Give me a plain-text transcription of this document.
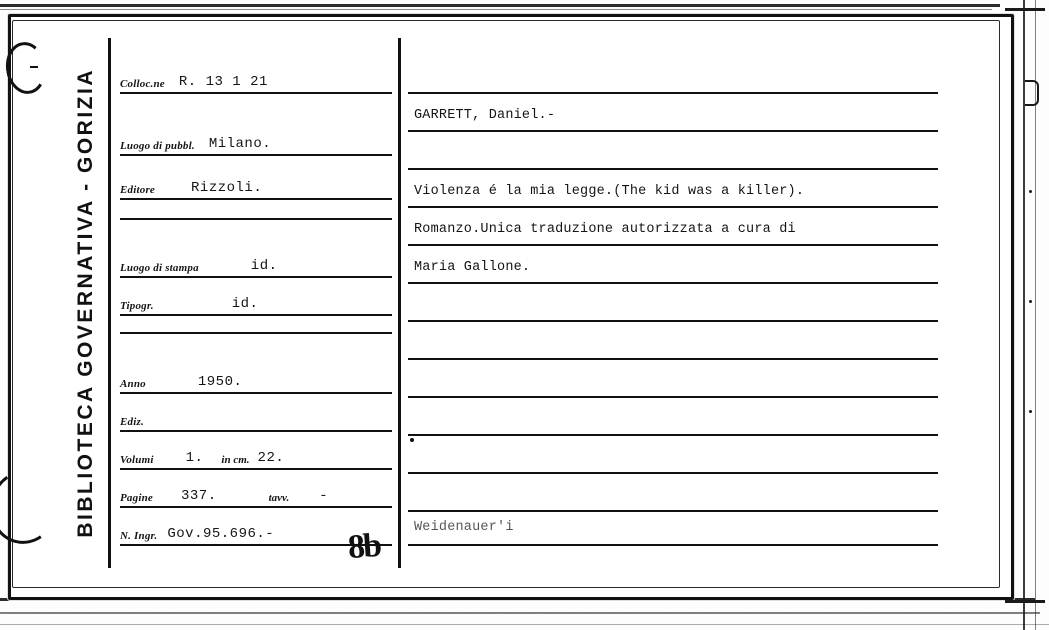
BIBLIOTECA GOVERNATIVA - GORIZIA Colloc.ne	R. 13 1 21
Luogo di pubbl.	Milano.
Editore	Rizzoli.
Luogo di stampa	id.
Tipogr.	id.
Anno	1950.
Ediz.
Volumi	1.	in cm. 22.
Pagine	337.	tavv.	-
N. Ingr. Gov.95.696.- 8b
GARRETT, Daniel.-
Violenza é la mia legge.(The kid was a killer).
Romanzo.Unica traduzione autorizzata a cura di
Maria Gallone.
Weidenauer'i
